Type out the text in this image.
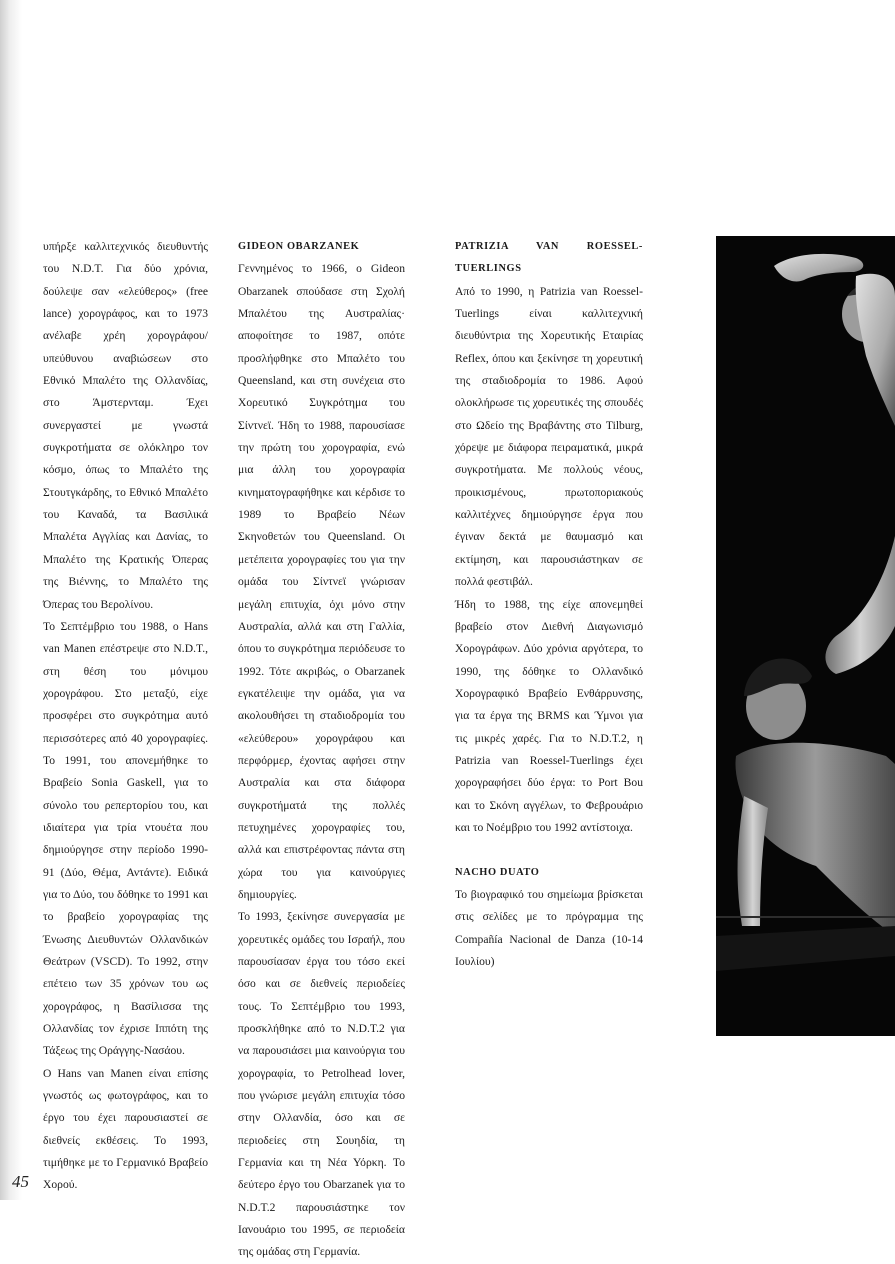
υπήρξε καλλιτεχνικός διευθυντής του N.D.T. Για δύο χρόνια, δούλεψε σαν «ελεύθερος» (free lance) χορογράφος, και το 1973 ανέλαβε χρέη χορογράφου/υπεύθυνου αναβιώσεων στο Εθνικό Μπαλέτο της Ολλανδίας, στο Άμστερνταμ. Έχει συνεργαστεί με γνωστά συγκροτήματα σε ολόκληρο τον κόσμο, όπως το Μπαλέτο της Στουτγκάρδης, το Εθνικό Μπαλέτο του Καναδά, τα Βασιλικά Μπαλέτα Αγγλίας και Δανίας, το Μπαλέτο της Κρατικής Όπερας της Βιέννης, το Μπαλέτο της Όπερας του Βερολίνου.

Το Σεπτέμβριο του 1988, ο Hans van Manen επέστρεψε στο N.D.T., στη θέση του μόνιμου χορογράφου. Στο μεταξύ, είχε προσφέρει στο συγκρότημα αυτό περισσότερες από 40 χορογραφίες. Το 1991, του απονεμήθηκε το Βραβείο Sonia Gaskell, για το σύνολο του ρεπερτορίου του, και ιδιαίτερα για τρία ντουέτα που δημιούργησε στην περίοδο 1990-91 (Δύο, Θέμα, Αντάντε). Ειδικά για το Δύο, του δόθηκε το 1991 και το βραβείο χορογραφίας της Ένωσης Διευθυντών Ολλανδικών Θεάτρων (VSCD). Το 1992, στην επέτειο των 35 χρόνων του ως χορογράφος, η Βασίλισσα της Ολλανδίας τον έχρισε Ιππότη της Τάξεως της Οράγγης-Νασάου.

Ο Hans van Manen είναι επίσης γνωστός ως φωτογράφος, και το έργο του έχει παρουσιαστεί σε διεθνείς εκθέσεις. Το 1993, τιμήθηκε με το Γερμανικό Βραβείο Χορού.

GIDEON OBARZANEK

Γεννημένος το 1966, ο Gideon Obarzanek σπούδασε στη Σχολή Μπαλέτου της Αυστραλίας· αποφοίτησε το 1987, οπότε προσλήφθηκε στο Μπαλέτο του Queensland, και στη συνέχεια στο Χορευτικό Συγκρότημα του Σίντνεϊ. Ήδη το 1988, παρουσίασε την πρώτη του χορογραφία, ενώ μια άλλη του χορογραφία κινηματογραφήθηκε και κέρδισε το 1989 το Βραβείο Νέων Σκηνοθετών του Queensland. Οι μετέπειτα χορογραφίες του για την ομάδα του Σίντνεϊ γνώρισαν μεγάλη επιτυχία, όχι μόνο στην Αυστραλία, αλλά και στη Γαλλία, όπου το συγκρότημα περιόδευσε το 1992. Τότε ακριβώς, ο Obarzanek εγκατέλειψε την ομάδα, για να ακολουθήσει τη σταδιοδρομία του «ελεύθερου» χορογράφου και περφόρμερ, έχοντας αφήσει στην Αυστραλία και στα διάφορα συγκροτήματά της πολλές πετυχημένες χορογραφίες του, αλλά και επιστρέφοντας πάντα στη χώρα του για καινούργιες δημιουργίες.

Το 1993, ξεκίνησε συνεργασία με χορευτικές ομάδες του Ισραήλ, που παρουσίασαν έργα του τόσο εκεί όσο και σε διεθνείς περιοδείες τους. Το Σεπτέμβριο του 1993, προσκλήθηκε από το N.D.T.2 για να παρουσιάσει μια καινούργια του χορογραφία, το Petrolhead lover, που γνώρισε μεγάλη επιτυχία τόσο στην Ολλανδία, όσο και σε περιοδείες στη Σουηδία, τη Γερμανία και τη Νέα Υόρκη. Το δεύτερο έργο του Obarzanek για το N.D.T.2 παρουσιάστηκε τον Ιανουάριο του 1995, σε περιοδεία της ομάδας στη Γερμανία.

PATRIZIA VAN ROESSEL-TUERLINGS

Από το 1990, η Patrizia van Roessel-Tuerlings είναι καλλιτεχνική διευθύντρια της Χορευτικής Εταιρίας Reflex, όπου και ξεκίνησε τη χορευτική της σταδιοδρομία το 1986. Αφού ολοκλήρωσε τις χορευτικές της σπουδές στο Ωδείο της Βραβάντης στο Tilburg, χόρεψε με διάφορα πειραματικά, μικρά συγκροτήματα. Με πολλούς νέους, προικισμένους, πρωτοποριακούς καλλιτέχνες δημιούργησε έργα που έγιναν δεκτά με θαυμασμό και εκτίμηση, και παρουσιάστηκαν σε πολλά φεστιβάλ.

Ήδη το 1988, της είχε απονεμηθεί βραβείο στον Διεθνή Διαγωνισμό Χορογράφων. Δύο χρόνια αργότερα, το 1990, της δόθηκε το Ολλανδικό Χορογραφικό Βραβείο Ενθάρρυνσης, για τα έργα της BRMS και Ύμνοι για τις μικρές χαρές. Για το N.D.T.2, η Patrizia van Roessel-Tuerlings έχει χορογραφήσει δύο έργα: το Port Bou και το Σκόνη αγγέλων, το Φεβρουάριο και το Νοέμβριο του 1992 αντίστοιχα.

NACHO DUATO

Το βιογραφικό του σημείωμα βρίσκεται στις σελίδες με το πρόγραμμα της Compañía Nacional de Danza (10-14 Ιουλίου)

45
